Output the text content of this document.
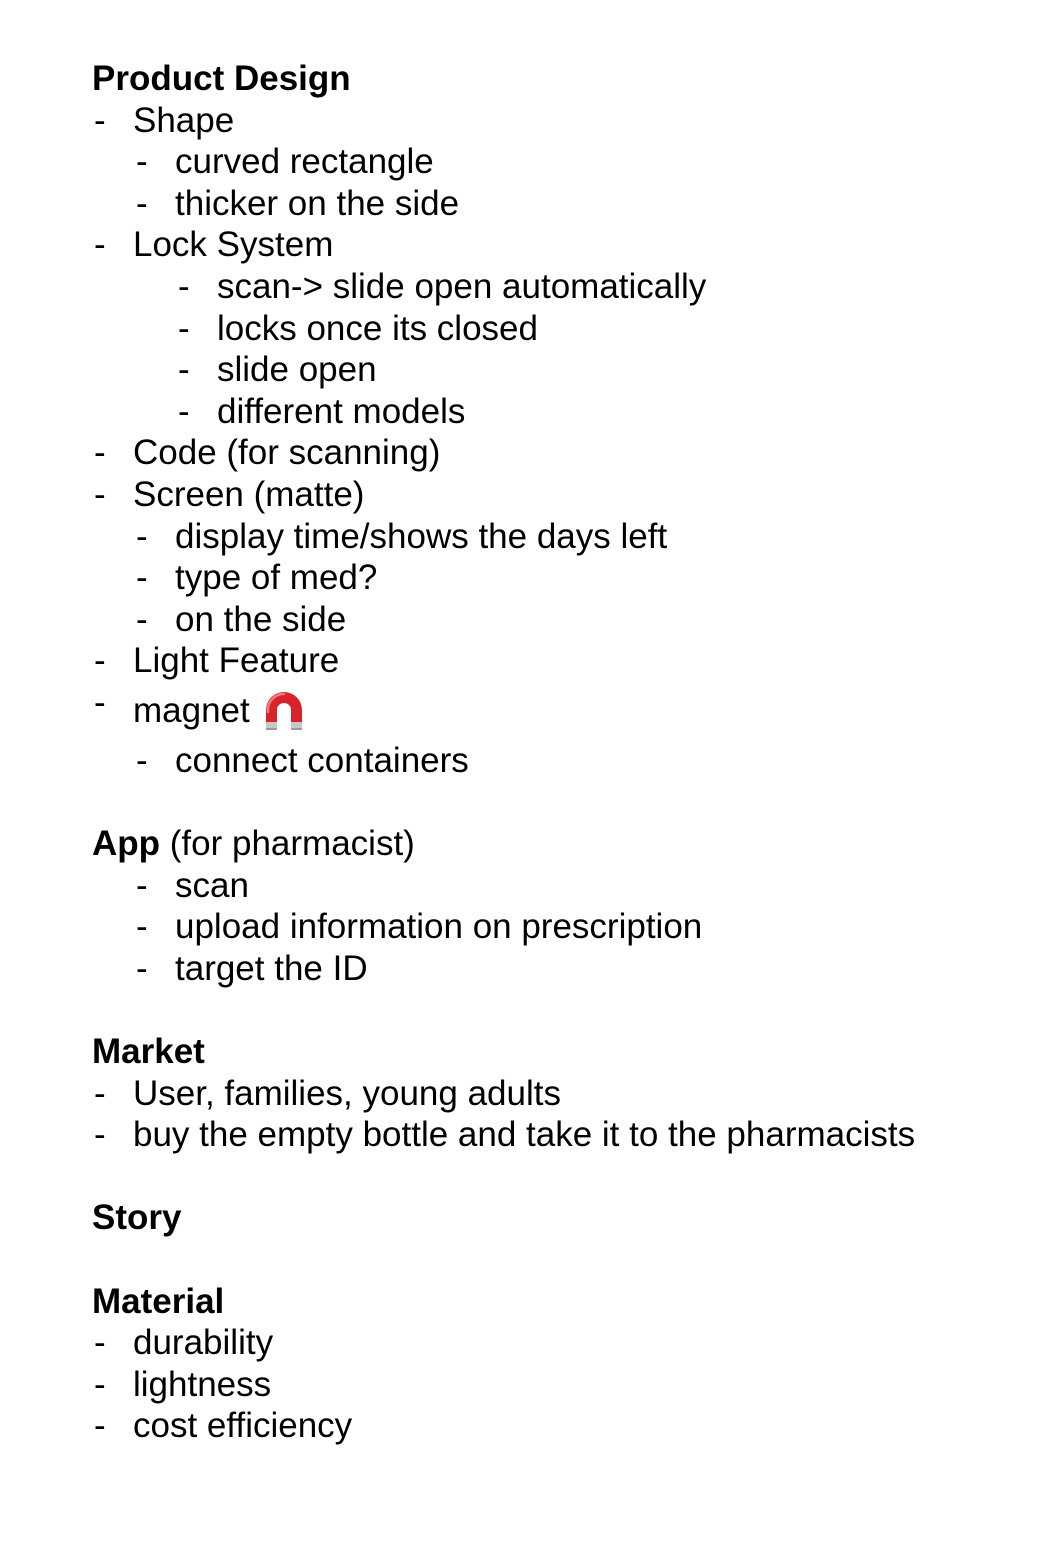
Product Design
- Shape
- curved rectangle
- thicker on the side
- Lock System
- scan-> slide open automatically
- locks once its closed
- slide open
- different models
- Code (for scanning)
- Screen (matte)
- display time/shows the days left
- type of med?
- on the side
- Light Feature
- magnet
- connect containers
App (for pharmacist)
- scan
- upload information on prescription
- target the ID
Market
- User, families, young adults
- buy the empty bottle and take it to the pharmacists
Story
Material
- durability
- lightness
- cost efficiency
